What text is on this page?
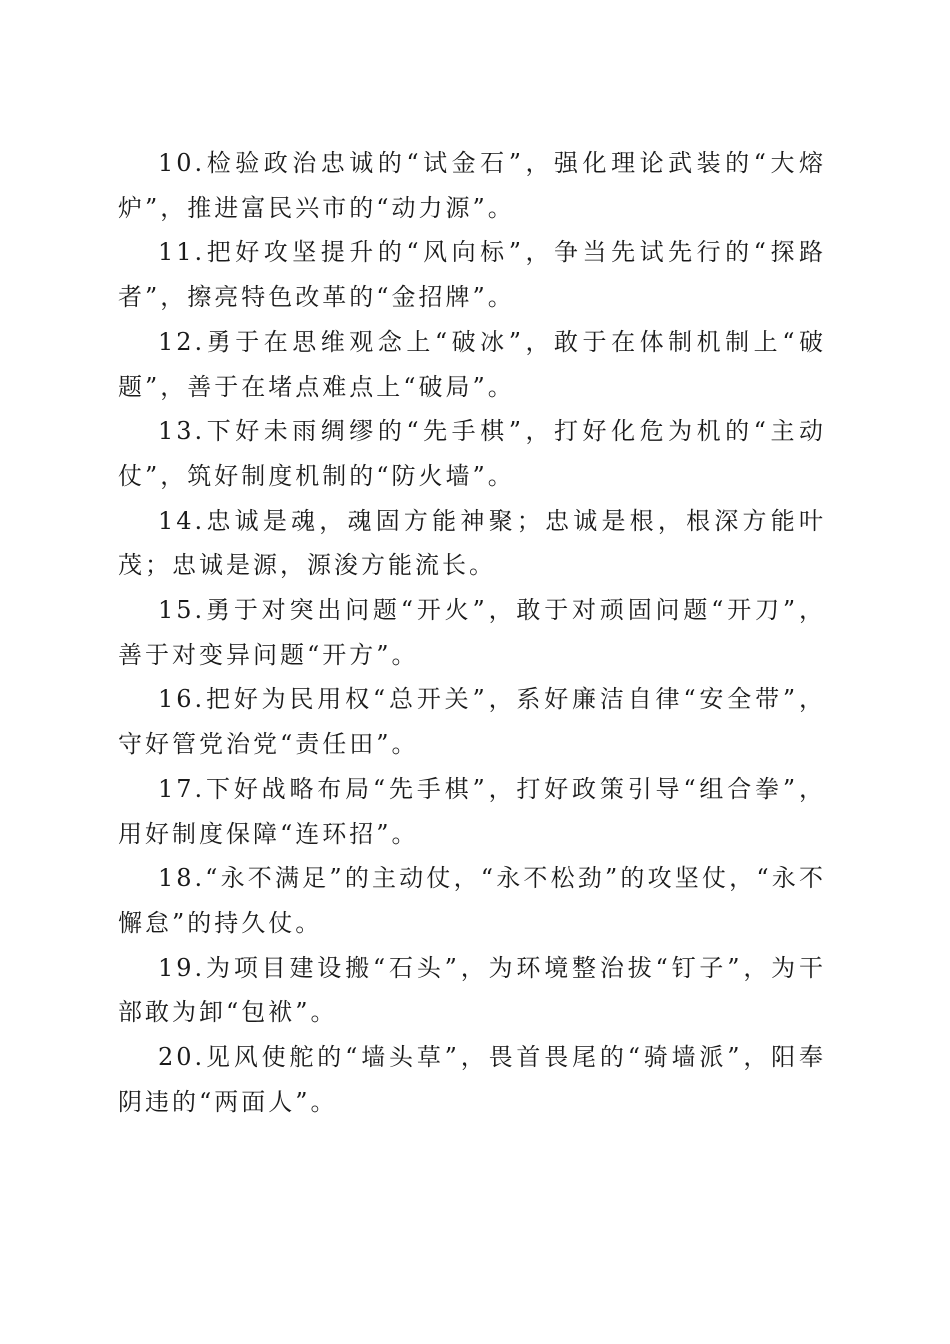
10.检验政治忠诚的“试金石”，强化理论武装的“大熔炉”，推进富民兴市的“动力源”。

11.把好攻坚提升的“风向标”，争当先试先行的“探路者”，擦亮特色改革的“金招牌”。

12.勇于在思维观念上“破冰”，敢于在体制机制上“破题”，善于在堵点难点上“破局”。

13.下好未雨绸缪的“先手棋”，打好化危为机的“主动仗”，筑好制度机制的“防火墙”。

14.忠诚是魂，魂固方能神聚；忠诚是根，根深方能叶茂；忠诚是源，源浚方能流长。

15.勇于对突出问题“开火”，敢于对顽固问题“开刀”，善于对变异问题“开方”。

16.把好为民用权“总开关”，系好廉洁自律“安全带”，守好管党治党“责任田”。

17.下好战略布局“先手棋”，打好政策引导“组合拳”，用好制度保障“连环招”。

18.“永不满足”的主动仗，“永不松劲”的攻坚仗，“永不懈怠”的持久仗。

19.为项目建设搬“石头”，为环境整治拔“钉子”，为干部敢为卸“包袱”。

20.见风使舵的“墙头草”，畏首畏尾的“骑墙派”，阳奉阴违的“两面人”。
